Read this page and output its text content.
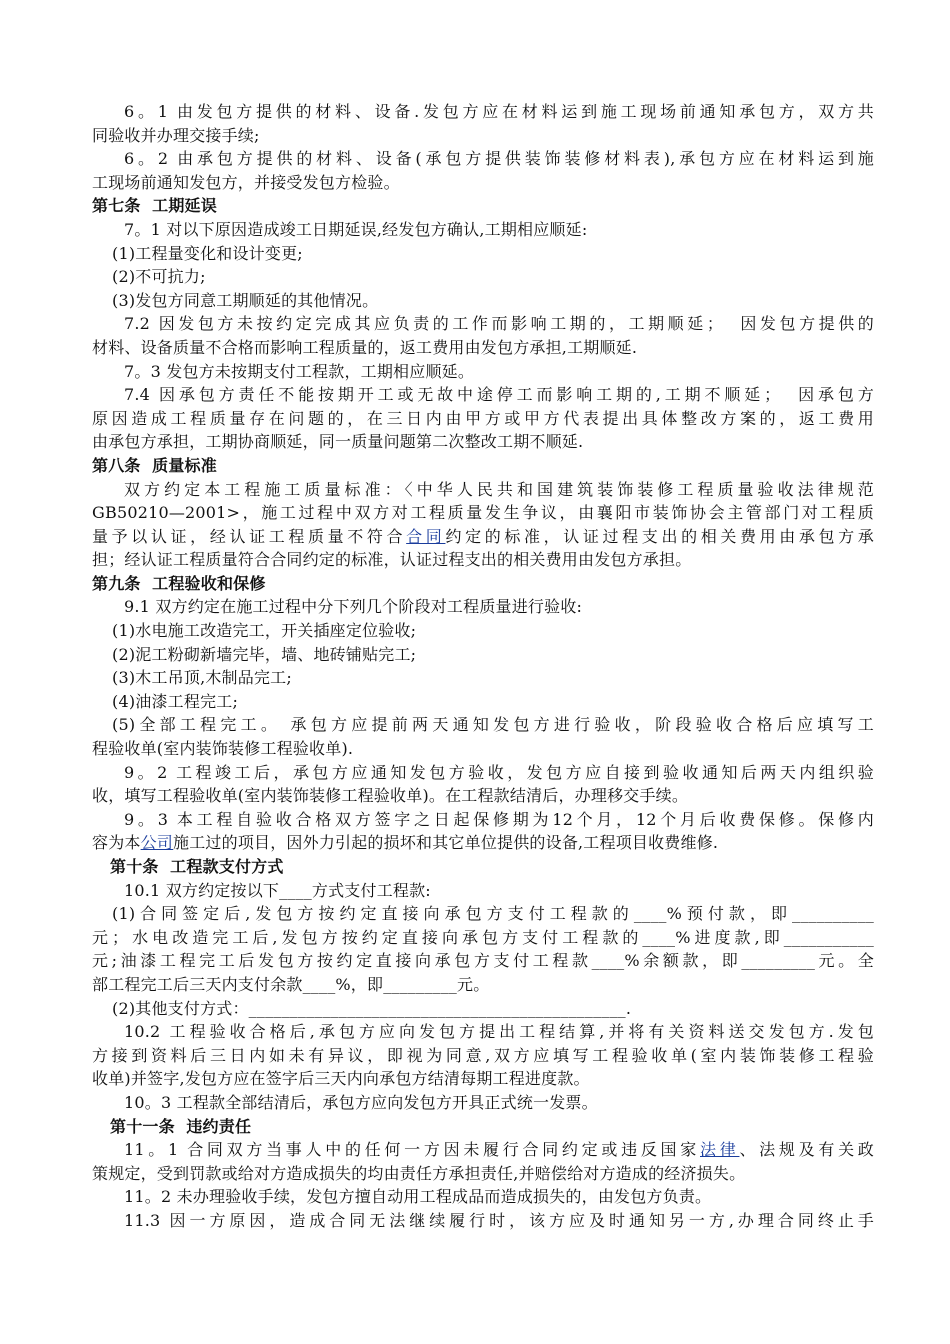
6。1 由发包方提供的材料、设备.发包方应在材料运到施工现场前通知承包方，双方共
同验收并办理交接手续;
6。2 由承包方提供的材料、设备(承包方提供装饰装修材料表),承包方应在材料运到施
工现场前通知发包方，并接受发包方检验。
第七条  工期延误
7。1 对以下原因造成竣工日期延误,经发包方确认,工期相应顺延:
(1)工程量变化和设计变更;
(2)不可抗力;
(3)发包方同意工期顺延的其他情况。
7.2 因发包方未按约定完成其应负责的工作而影响工期的，工期顺延；  因发包方提供的
材料、设备质量不合格而影响工程质量的，返工费用由发包方承担,工期顺延.
7。3 发包方未按期支付工程款，工期相应顺延。
7.4 因承包方责任不能按期开工或无故中途停工而影响工期的,工期不顺延；  因承包方
原因造成工程质量存在问题的，在三日内由甲方或甲方代表提出具体整改方案的，返工费用
由承包方承担，工期协商顺延，同一质量问题第二次整改工期不顺延.
第八条  质量标准
双方约定本工程施工质量标准：〈中华人民共和国建筑装饰装修工程质量验收法律规范
GB50210—2001>，施工过程中双方对工程质量发生争议，由襄阳市装饰协会主管部门对工程质
量予以认证，经认证工程质量不符合合同约定的标准，认证过程支出的相关费用由承包方承
担；经认证工程质量符合合同约定的标准，认证过程支出的相关费用由发包方承担。
第九条  工程验收和保修
9.1 双方约定在施工过程中分下列几个阶段对工程质量进行验收:
(1)水电施工改造完工，开关插座定位验收;
(2)泥工粉砌新墙完毕，墙、地砖铺贴完工;
(3)木工吊顶,木制品完工;
(4)油漆工程完工;
(5)全部工程完工。 承包方应提前两天通知发包方进行验收，阶段验收合格后应填写工
程验收单(室内装饰装修工程验收单).
9。2 工程竣工后，承包方应通知发包方验收，发包方应自接到验收通知后两天内组织验
收，填写工程验收单(室内装饰装修工程验收单)。在工程款结清后，办理移交手续。
9。3 本工程自验收合格双方签字之日起保修期为12个月，12个月后收费保修。保修内
容为本公司施工过的项目，因外力引起的损坏和其它单位提供的设备,工程项目收费维修.
第十条  工程款支付方式
10.1 双方约定按以下____方式支付工程款:
(1)合同签定后,发包方按约定直接向承包方支付工程款的____%预付款，即__________
元；水电改造完工后,发包方按约定直接向承包方支付工程款的____%进度款,即___________
元;油漆工程完工后发包方按约定直接向承包方支付工程款____%余额款，即_________元。全
部工程完工后三天内支付余款____%，即_________元。
(2)其他支付方式：______________________________________________.
10.2 工程验收合格后,承包方应向发包方提出工程结算,并将有关资料送交发包方.发包
方接到资料后三日内如未有异议，即视为同意,双方应填写工程验收单(室内装饰装修工程验
收单)并签字,发包方应在签字后三天内向承包方结清每期工程进度款。
10。3 工程款全部结清后，承包方应向发包方开具正式统一发票。
第十一条  违约责任
11。1 合同双方当事人中的任何一方因未履行合同约定或违反国家法律、法规及有关政
策规定，受到罚款或给对方造成损失的均由责任方承担责任,并赔偿给对方造成的经济损失。
11。2 未办理验收手续，发包方擅自动用工程成品而造成损失的，由发包方负责。
11.3 因一方原因，造成合同无法继续履行时，该方应及时通知另一方,办理合同终止手
